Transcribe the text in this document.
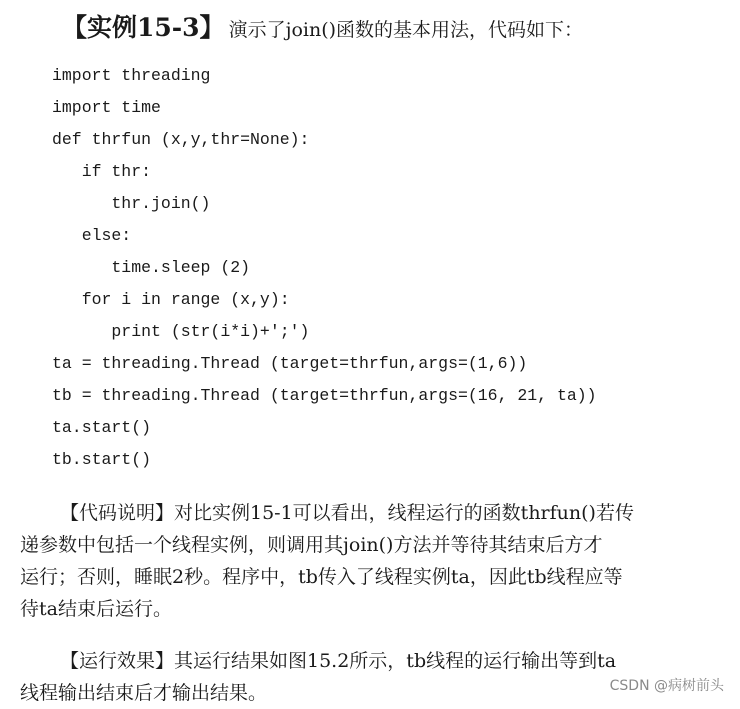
【实例15-3】 演示了join()函数的基本用法，代码如下：
import threading
import time
def thrfun (x,y,thr=None):
if thr:
thr.join()
else:
time.sleep (2)
for i in range (x,y):
print (str(i*i)+';')
ta = threading.Thread (target=thrfun,args=(1,6))
tb = threading.Thread (target=thrfun,args=(16, 21, ta))
ta.start()
tb.start()

【代码说明】对比实例15-1可以看出，线程运行的函数thrfun()若传
递参数中包括一个线程实例，则调用其join()方法并等待其结束后方才
运行；否则，睡眠2秒。程序中，tb传入了线程实例ta，因此tb线程应等
待ta结束后运行。

【运行效果】其运行结果如图15.2所示，tb线程的运行输出等到ta
线程输出结束后才输出结果。	CSDN @病树前头
